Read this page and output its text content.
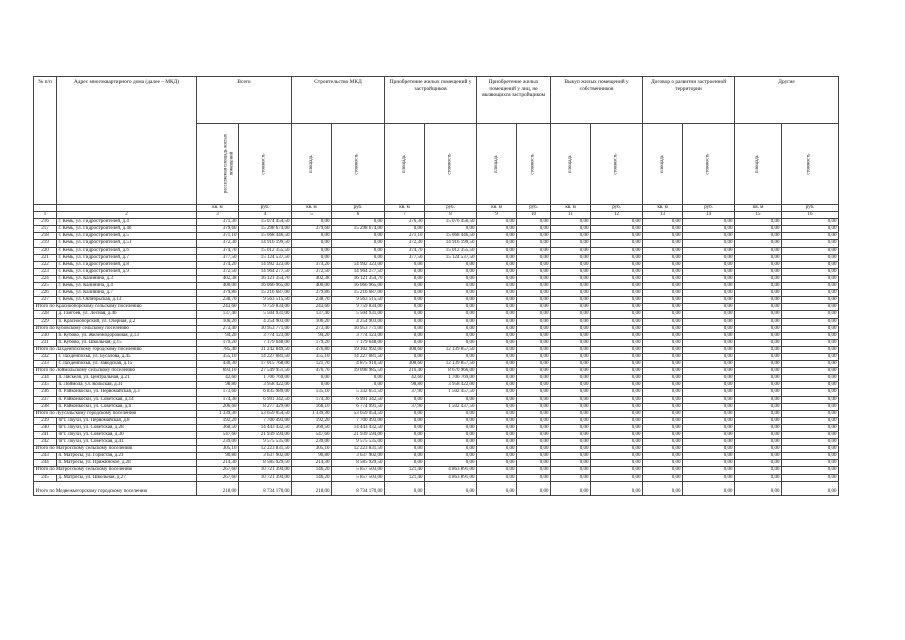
№ п/п	Адрес многоквартирного дома (далее – МКД)	Всего		Строительство МКД		Приобретение жилых помещений у застройщиков		Приобретение жилых помещений у лиц, не являющихся застройщиком		Выкуп жилых помещений у собственников		Договор о развитии застроенной территории		Другие	
		расселяемая площадь жилых помещений	стоимость	площадь	стоимость	площадь	стоимость	площадь	стоимость	площадь	стоимость	площадь	стоимость	площадь	стоимость
		кв. м	руб.	кв. м	руб.	кв. м	руб.	кв. м	руб.	кв. м	руб.	кв. м	руб.	кв. м	руб.
1	2	3	4	5	6	7	8	9	10	11	12	13	14	15	16
216	г. Кемь, ул. Гидростроителей, д.4	371,30	15 074 454,50	0,00	0,00	376,30	15 076 450,50	0,00	0,00	0,00	0,00	0,00	0,00	0,00	0,00
217	г. Кемь, ул. Гидростроителей, д.4б	379,60	15 298 674,00	379,60	15 298 674,00	0,00	0,00	0,00	0,00	0,00	0,00	0,00	0,00	0,00	0,00
218	г. Кемь, ул. Гидростроителей, д.5	371,10	15 068 446,50	0,00	0,00	371,10	15 068 446,50	0,00	0,00	0,00	0,00	0,00	0,00	0,00	0,00
219	г. Кемь, ул. Гидростроителей, д.51	372,30	14 916 199,50	0,00	0,00	372,30	14 916 199,50	0,00	0,00	0,00	0,00	0,00	0,00	0,00	0,00
220	г. Кемь, ул. Гидростроителей, д.6	374,70	15 012 355,50	0,00	0,00	374,70	15 012 355,50	0,00	0,00	0,00	0,00	0,00	0,00	0,00	0,00
221	г. Кемь, ул. Гидростроителей, д.7	377,50	15 124 537,50	0,00	0,00	377,50	15 124 537,50	0,00	0,00	0,00	0,00	0,00	0,00	0,00	0,00
222	г. Кемь, ул. Гидростроителей, д.8	374,20	14 992 323,00	374,20	14 992 323,00	0,00	0,00	0,00	0,00	0,00	0,00	0,00	0,00	0,00	0,00
223	г. Кемь, ул. Гидростроителей, д.9	372,50	14 964 277,50	372,50	14 964 277,50	0,00	0,00	0,00	0,00	0,00	0,00	0,00	0,00	0,00	0,00
224	г. Кемь, ул. Калинина, д.3	402,38	16 121 354,70	402,38	16 121 354,70	0,00	0,00	0,00	0,00	0,00	0,00	0,00	0,00	0,00	0,00
225	г. Кемь, ул. Калинина, д.4	400,00	16 066 965,00	400,00	16 066 965,00	0,00	0,00	0,00	0,00	0,00	0,00	0,00	0,00	0,00	0,00
226	г. Кемь, ул. Калинина, д.7	379,86	15 216 687,00	379,86	15 216 687,00	0,00	0,00	0,00	0,00	0,00	0,00	0,00	0,00	0,00	0,00
227	г. Кемь, ул. Октябрьская, д.13	238,70	9 563 515,50	238,70	9 563 515,50	0,00	0,00	0,00	0,00	0,00	0,00	0,00	0,00	0,00	0,00
Итого по Краснооборскому сельскому поселению		243,60	9 759 834,00	243,60	9 759 834,00	0,00	0,00	0,00	0,00	0,00	0,00	0,00	0,00	0,00	0,00
228	д. Гангоев, ул. Лесная, д.46	137,40	5 504 931,00	137,40	5 504 931,00	0,00	0,00	0,00	0,00	0,00	0,00	0,00	0,00	0,00	0,00
229	п. Краснооборский, ул. Озерная, д.2	106,20	4 254 903,00	106,20	4 254 903,00	0,00	0,00	0,00	0,00	0,00	0,00	0,00	0,00	0,00	0,00
Итого по Кубовскому сельскому поселению		273,40	10 953 771,00	273,40	10 953 771,00	0,00	0,00	0,00	0,00	0,00	0,00	0,00	0,00	0,00	0,00
230	п. Кубово, ул. Железнодорожная, д.13	94,20	3 774 123,00	94,20	3 774 123,00	0,00	0,00	0,00	0,00	0,00	0,00	0,00	0,00	0,00	0,00
231	п. Кубово, ул. Школьная, д.15	179,20	7 179 648,00	179,20	7 179 648,00	0,00	0,00	0,00	0,00	0,00	0,00	0,00	0,00	0,00	0,00
Итого по Лахденпохскому городскому поселению		785,40	31 242 849,50	476,80	19 102 992,00	308,60	12 139 857,50	0,00	0,00	0,00	0,00	0,00	0,00	0,00	0,00
232	г. Лахденпохья, ул. Бусалова, д.45	355,10	14 227 081,50	355,10	14 227 081,50	0,00	0,00	0,00	0,00	0,00	0,00	0,00	0,00	0,00	0,00
233	г. Лахденпохья, ул. Заводская, д.15	430,30	17 015 768,00	121,70	4 875 910,50	308,60	12 139 857,50	0,00	0,00	0,00	0,00	0,00	0,00	0,00	0,00
Итого по Лоймольскому сельскому поселению		693,10	27 549 951,50	476,70	19 098 985,50	216,40	8 670 966,00	0,00	0,00	0,00	0,00	0,00	0,00	0,00	0,00
234	п. Ляскеля, ул. Центральная, д.21	42,60	1 706 769,00	0,00	0,00	42,60	1 706 769,00	0,00	0,00	0,00	0,00	0,00	0,00	0,00	0,00
235	п. Лоймола, ул. Кольская, д.31	98,80	3 958 422,00	0,00	0,00	98,80	3 958 422,00	0,00	0,00	0,00	0,00	0,00	0,00	0,00	0,00
236	п. Райконкоски, ул. Первомайская, д.3	173,60	6 835 989,00	135,10	5 332 651,50	37,90	1 502 457,50	0,00	0,00	0,00	0,00	0,00	0,00	0,00	0,00
237	п. Райконкоски, ул. Советская, д.14	174,30	6 991 342,50	174,30	6 991 342,50	0,00	0,00	0,00	0,00	0,00	0,00	0,00	0,00	0,00	0,00
238	п. Райконкоски, ул. Советская, д.6	206,60	8 277 429,00	168,10	6 774 991,50	37,90	1 502 437,50	0,00	0,00	0,00	0,00	0,00	0,00	0,00	0,00
Итого по Луусальскому городскому поселению		1 339,30	53 659 054,50	1 339,30	53 659 054,50	0,00	0,00	0,00	0,00	0,00	0,00	0,00	0,00	0,00	0,00
239	пгт. Лоухи, ул. Первомайская, д.8	192,20	7 700 493,00	192,20	7 700 493,00	0,00	0,00	0,00	0,00	0,00	0,00	0,00	0,00	0,00	0,00
240	пгт. Лоухи, ул. Советская, д.28	360,50	14 443 432,50	360,50	14 443 432,50	0,00	0,00	0,00	0,00	0,00	0,00	0,00	0,00	0,00	0,00
241	пгт. Лоухи, ул. Советская, д.30	547,60	21 939 594,00	547,60	21 939 594,00	0,00	0,00	0,00	0,00	0,00	0,00	0,00	0,00	0,00	0,00
242	пгт. Лоухи, ул. Советская, д.41	239,00	9 575 535,00	239,00	9 575 535,00	0,00	0,00	0,00	0,00	0,00	0,00	0,00	0,00	0,00	0,00
Итого по Матросскому сельскому поселению		305,10	12 223 831,50	305,10	12 223 831,50	0,00	0,00	0,00	0,00	0,00	0,00	0,00	0,00	0,00	0,00
243	п. Матросы, ул. Гористая, д.21	90,80	3 637 902,00	90,80	3 637 902,00	0,00	0,00	0,00	0,00	0,00	0,00	0,00	0,00	0,00	0,00
244	п. Матросы, ул. Пряжинское, д.28	214,30	8 585 929,50	214,30	8 585 929,50	0,00	0,00	0,00	0,00	0,00	0,00	0,00	0,00	0,00	0,00
Итого по Матросскому сельскому поселению		267,60	10 721 394,00	146,20	5 857 503,00	121,40	4 863 891,00	0,00	0,00	0,00	0,00	0,00	0,00	0,00	0,00
245	д. Матросы, ул. Школьная, д.27	267,60	10 721 394,00	146,20	5 857 503,00	121,40	4 863 891,00	0,00	0,00	0,00	0,00	0,00	0,00	0,00	0,00
Итого по Медвежьегорскому городскому поселению		218,00	8 734 170,00	218,00	8 734 170,00	0,00	0,00	0,00	0,00	0,00	0,00	0,00	0,00	0,00	0,00
